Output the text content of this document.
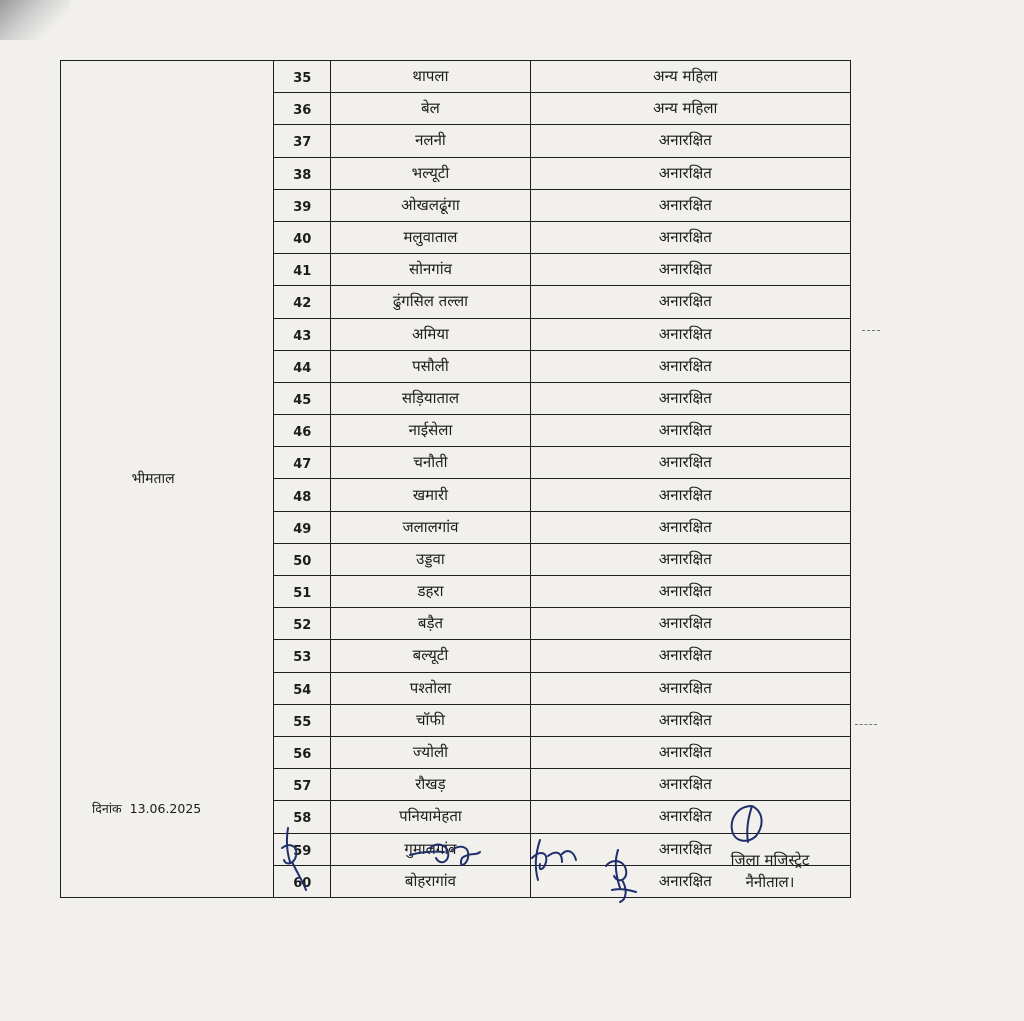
भीमताल	35	थापला	अन्य महिला
	36	बेल	अन्य महिला
	37	नलनी	अनारक्षित
	38	भल्यूटी	अनारक्षित
	39	ओखलढूंगा	अनारक्षित
	40	मलुवाताल	अनारक्षित
	41	सोनगांव	अनारक्षित
	42	ढुंगसिल तल्ला	अनारक्षित
	43	अमिया	अनारक्षित
	44	पसौली	अनारक्षित
	45	सड़ियाताल	अनारक्षित
	46	नाईसेला	अनारक्षित
	47	चनौती	अनारक्षित
	48	खमारी	अनारक्षित
	49	जलालगांव	अनारक्षित
	50	उड्डवा	अनारक्षित
	51	डहरा	अनारक्षित
	52	बड़ैत	अनारक्षित
	53	बल्यूटी	अनारक्षित
	54	पश्तोला	अनारक्षित
	55	चॉफी	अनारक्षित
	56	ज्योली	अनारक्षित
	57	रौखड़	अनारक्षित
	58	पनियामेहता	अनारक्षित
	59	गुमालगांव	अनारक्षित
	60	बोहरागांव	अनारक्षित
दिनांक 13.06.2025
जिला मजिस्ट्रेट
नैनीताल।
